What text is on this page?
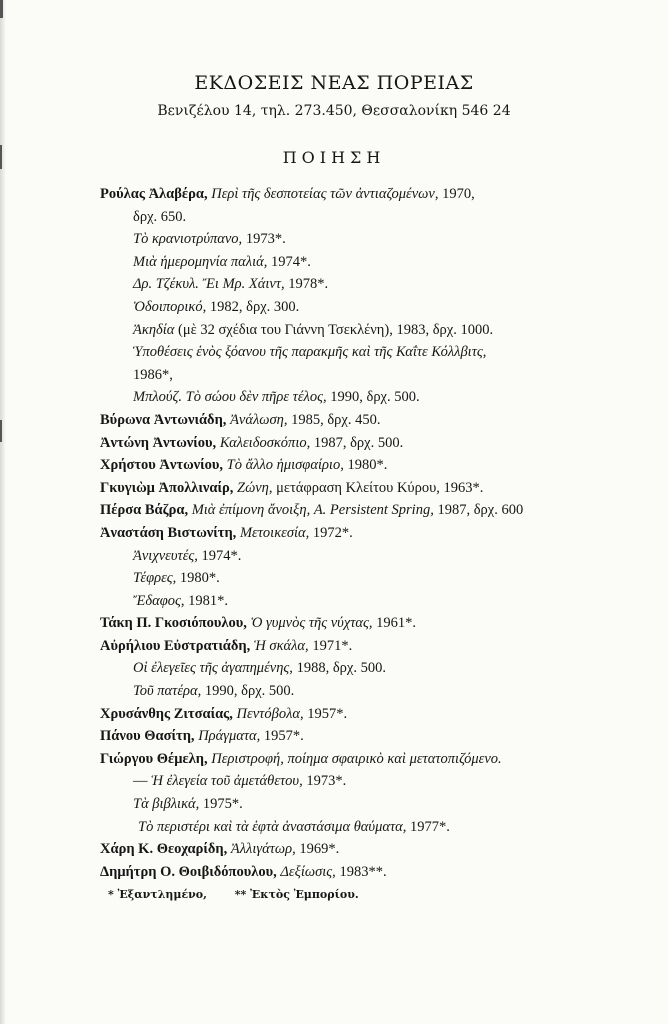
ΕΚΔΟΣΕΙΣ ΝΕΑΣ ΠΟΡΕΙΑΣ
Βενιζέλου 14, τηλ. 273.450, Θεσσαλονίκη 546 24
ΠΟΙΗΣΗ
Ρούλας Ἀλαβέρα, Περὶ τῆς δεσποτείας τῶν ἀντιαζομένων, 1970,
δρχ. 650.
Τὸ κρανιοτρύπανο, 1973*.
Μιὰ ἡμερομηνία παλιά, 1974*.
Δρ. Τζέκυλ. Ἔι Μρ. Χάιντ, 1978*.
Ὁδοιπορικό, 1982, δρχ. 300.
Ἀκηδία (μὲ 32 σχέδια του Γιάννη Τσεκλένη), 1983, δρχ. 1000.
Ὑποθέσεις ἑνὸς ξόανου τῆς παρακμῆς καὶ τῆς Καΐτε Κόλλβιτς,
1986*,
Μπλούζ. Τὸ σώου δὲν πῆρε τέλος, 1990, δρχ. 500.
Βύρωνα Ἀντωνιάδη, Ἀνάλωση, 1985, δρχ. 450.
Ἀντώνη Ἀντωνίου, Καλειδοσκόπιο, 1987, δρχ. 500.
Χρήστου Ἀντωνίου, Τὸ ἄλλο ἡμισφαίριο, 1980*.
Γκυγιὼμ Ἀπολλιναίρ, Ζώνη, μετάφραση Κλείτου Κύρου, 1963*.
Πέρσα Βάζρα, Μιὰ ἐπίμονη ἄνοιξη, A. Persistent Spring, 1987, δρχ. 600
Ἀναστάση Βιστωνίτη, Μετοικεσία, 1972*.
Ἀνιχνευτές, 1974*.
Τέφρες, 1980*.
Ἔδαφος, 1981*.
Τάκη Π. Γκοσιόπουλου, Ὁ γυμνὸς τῆς νύχτας, 1961*.
Αὐρήλιου Εὐστρατιάδη, Ἡ σκάλα, 1971*.
Οἱ ἐλεγεῖες τῆς ἀγαπημένης, 1988, δρχ. 500.
Τοῦ πατέρα, 1990, δρχ. 500.
Χρυσάνθης Ζιτσαίας, Πεντόβολα, 1957*.
Πάνου Θασίτη, Πράγματα, 1957*.
Γιώργου Θέμελη, Περιστροφή, ποίημα σφαιρικὸ καὶ μετατοπιζόμενο.
— Ἡ ἐλεγεία τοῦ ἀμετάθετου, 1973*.
Τὰ βιβλικά, 1975*.
Τὸ περιστέρι καὶ τὰ ἑφτὰ ἀναστάσιμα θαύματα, 1977*.
Χάρη Κ. Θεοχαρίδη, Ἀλλιγάτωρ, 1969*.
Δημήτρη Ο. Θοιβιδόπουλου, Δεξίωσις, 1983**.
* Ἐξαντλημένο,	** Ἐκτὸς Ἐμπορίου.
